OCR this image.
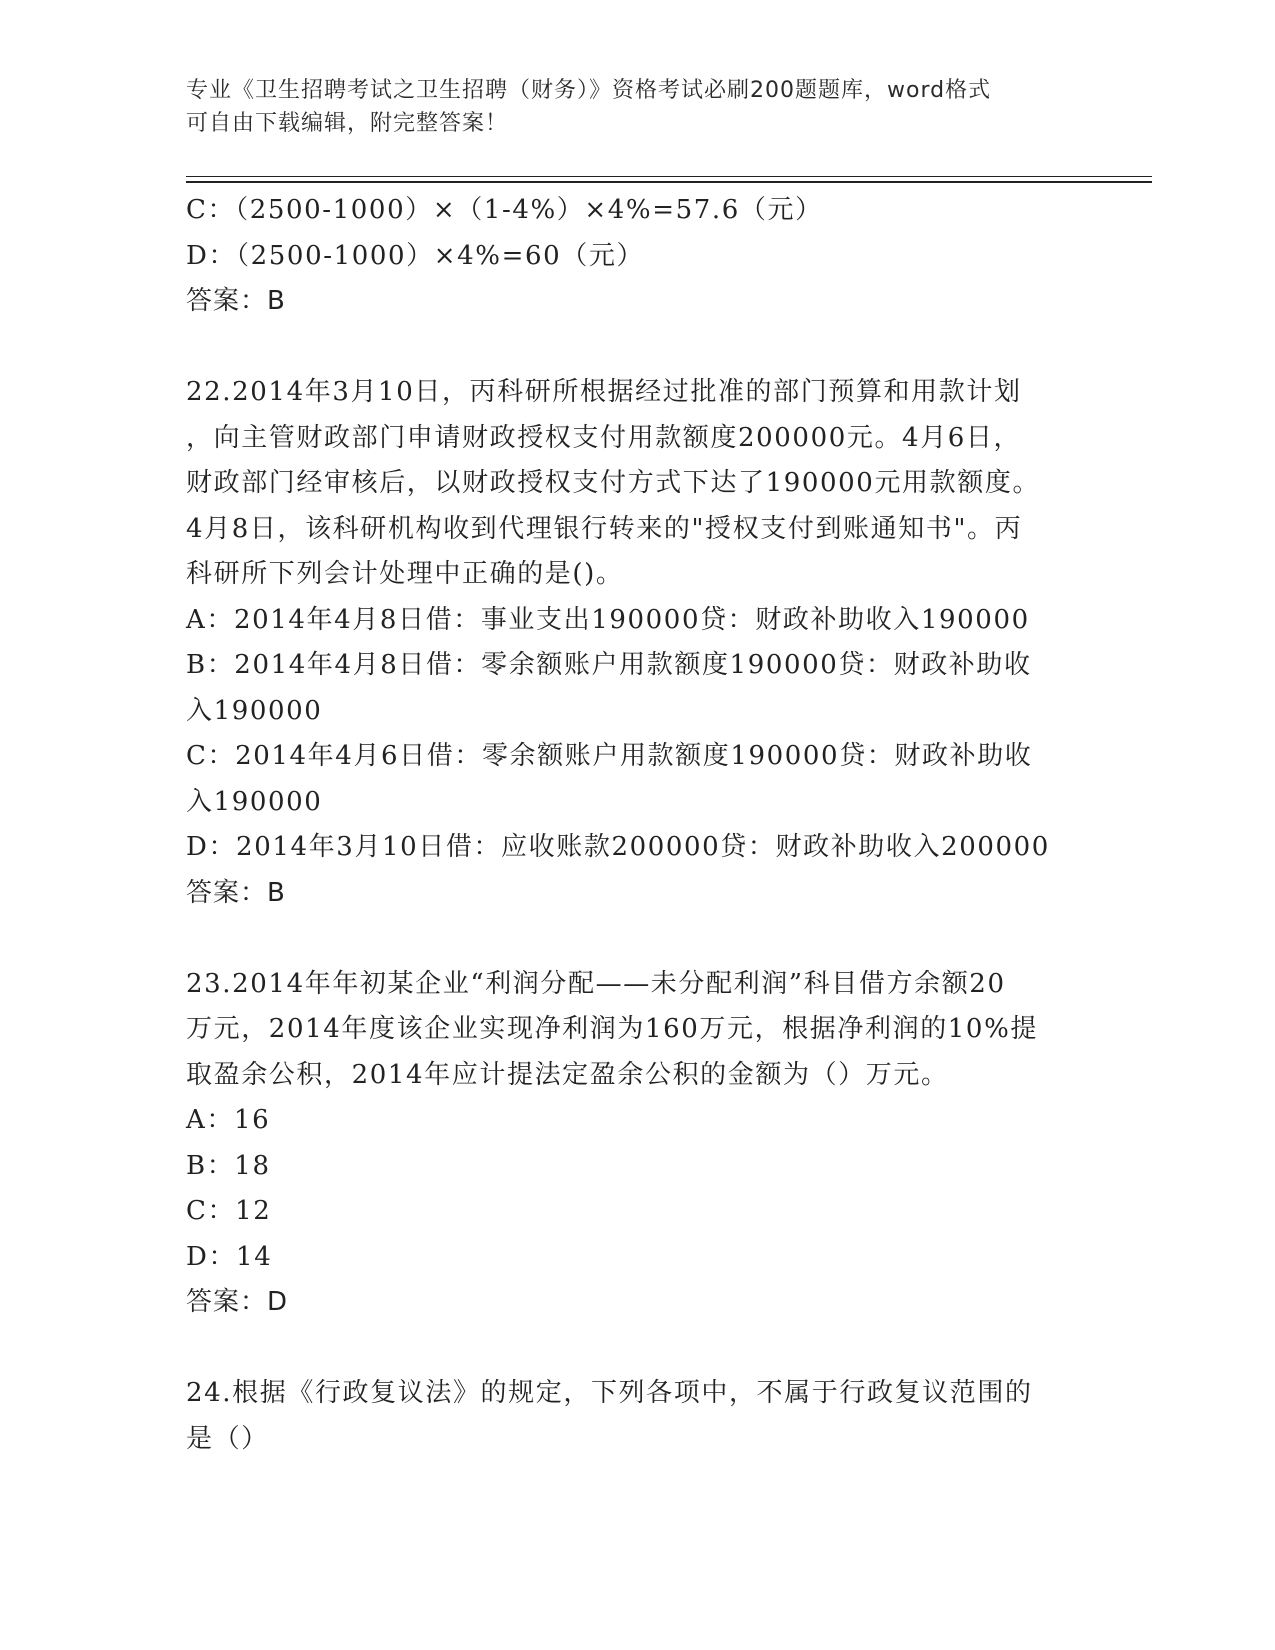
专业《卫生招聘考试之卫生招聘（财务）》资格考试必刷200题题库，word格式
可自由下载编辑，附完整答案！
C：（2500-1000）×（1-4%）×4%=57.6（元）
D：（2500-1000）×4%=60（元）
答案：B
22.2014年3月10日，丙科研所根据经过批准的部门预算和用款计划
，向主管财政部门申请财政授权支付用款额度200000元。4月6日，
财政部门经审核后，以财政授权支付方式下达了190000元用款额度。
4月8日，该科研机构收到代理银行转来的"授权支付到账通知书"。丙
科研所下列会计处理中正确的是()。
A：2014年4月8日借：事业支出190000贷：财政补助收入190000
B：2014年4月8日借：零余额账户用款额度190000贷：财政补助收
入190000
C：2014年4月6日借：零余额账户用款额度190000贷：财政补助收
入190000
D：2014年3月10日借：应收账款200000贷：财政补助收入200000
答案：B
23.2014年年初某企业“利润分配——未分配利润”科目借方余额20
万元，2014年度该企业实现净利润为160万元，根据净利润的10%提
取盈余公积，2014年应计提法定盈余公积的金额为（）万元。
A：16
B：18
C：12
D：14
答案：D
24.根据《行政复议法》的规定，下列各项中，不属于行政复议范围的
是（）
